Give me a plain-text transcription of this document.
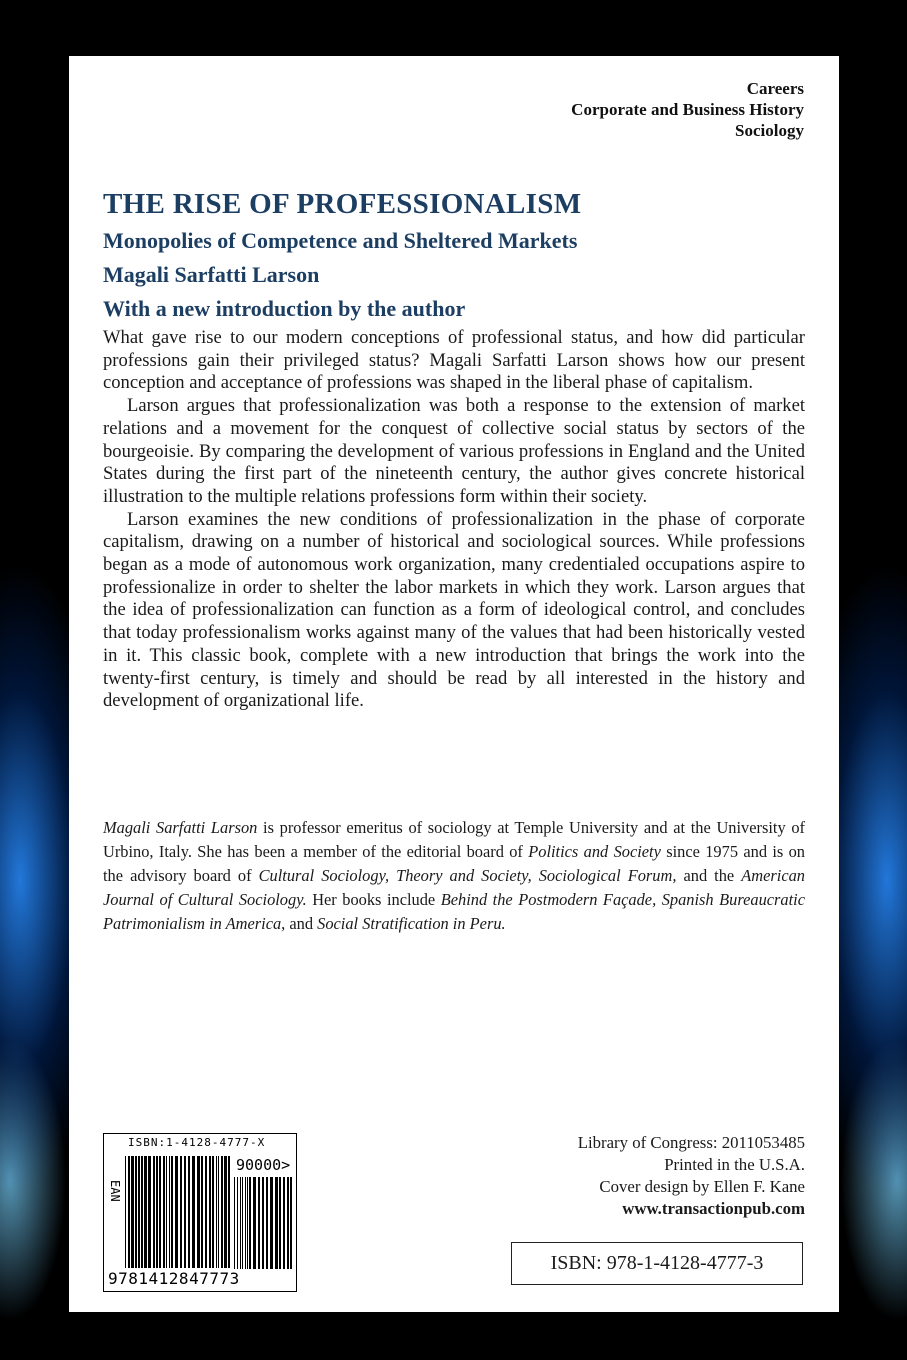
Careers
Corporate and Business History
Sociology
THE RISE OF PROFESSIONALISM
Monopolies of Competence and Sheltered Markets
Magali Sarfatti Larson
With a new introduction by the author

What gave rise to our modern conceptions of professional status, and how did particular professions gain their privileged status? Magali Sarfatti Larson shows how our present conception and acceptance of professions was shaped in the liberal phase of capitalism.

Larson argues that professionalization was both a response to the extension of market relations and a movement for the conquest of collective social status by sectors of the bourgeoisie. By comparing the development of various professions in England and the United States during the first part of the nineteenth century, the author gives concrete historical illustration to the multiple relations professions form within their society.

Larson examines the new conditions of professionalization in the phase of corporate capitalism, drawing on a number of historical and sociological sources. While professions began as a mode of autonomous work organization, many credentialed occupations aspire to professionalize in order to shelter the labor markets in which they work. Larson argues that the idea of professionalization can function as a form of ideological control, and concludes that today professionalism works against many of the values that had been historically vested in it. This classic book, complete with a new introduction that brings the work into the twenty-first century, is timely and should be read by all interested in the history and development of organizational life.

Magali Sarfatti Larson is professor emeritus of sociology at Temple University and at the University of Urbino, Italy. She has been a member of the editorial board of Politics and Society since 1975 and is on the advisory board of Cultural Sociology, Theory and Society, Sociological Forum, and the American Journal of Cultural Sociology. Her books include Behind the Postmodern Façade, Spanish Bureaucratic Patrimonialism in America, and Social Stratification in Peru.

ISBN:1-4128-4777-X
EAN
90000>
9781412847773
Library of Congress: 2011053485
Printed in the U.S.A.
Cover design by Ellen F. Kane
www.transactionpub.com
ISBN: 978-1-4128-4777-3
